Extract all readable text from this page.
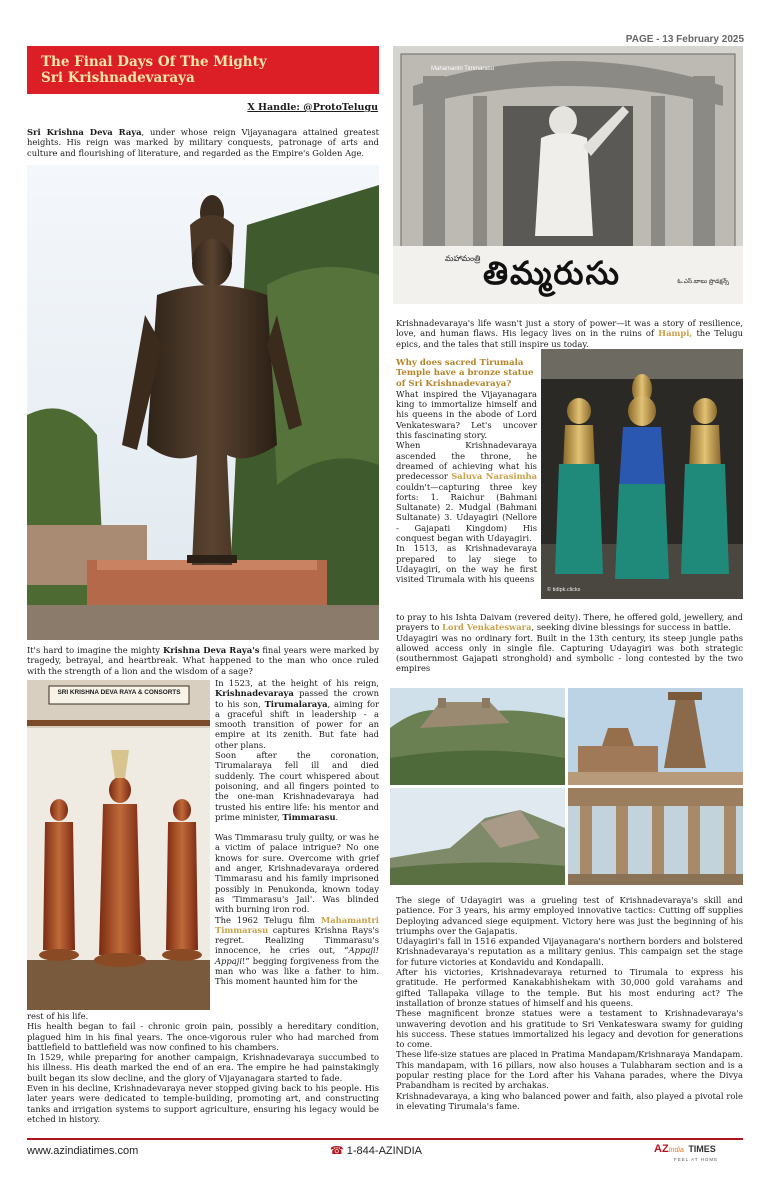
PAGE - 13 February 2025
The Final Days Of The Mighty
Sri Krishnadevaraya
X Handle: @ProtoTelugu

Sri Krishna Deva Raya, under whose reign Vijayanagara attained greatest heights. His reign was marked by military conquests, patronage of arts and culture and flourishing of literature, and regarded as the Empire's Golden Age.

It's hard to imagine the mighty Krishna Deva Raya's final years were marked by tragedy, betrayal, and heartbreak. What happened to the man who once ruled with the strength of a lion and the wisdom of a sage?

SRI KRISHNA DEVA RAYA & CONSORTS

In 1523, at the height of his reign, Krishnadevaraya passed the crown to his son, Tirumalaraya, aiming for a graceful shift in leadership - a smooth transition of power for an empire at its zenith. But fate had other plans.

Soon after the coronation, Tirumalaraya fell ill and died suddenly. The court whispered about poisoning, and all fingers pointed to the one-man Krishnadevaraya had trusted his entire life: his mentor and prime minister, Timmarasu.

Was Timmarasu truly guilty, or was he a victim of palace intrigue? No one knows for sure. Overcome with grief and anger, Krishnadevaraya ordered Timmarasu and his family imprisoned possibly in Penukonda, known today as 'Timmarasu's Jail'. Was blinded with burning iron rod.

The 1962 Telugu film Mahamantri Timmarasu captures Krishna Rays's regret. Realizing Timmarasu's innocence, he cries out, “Appaji! Appaji!” begging forgiveness from the man who was like a father to him. This moment haunted him for the

rest of his life.

His health began to fail - chronic groin pain, possibly a hereditary condition, plagued him in his final years. The once-vigorous ruler who had marched from battlefield to battlefield was now confined to his chambers.

In 1529, while preparing for another campaign, Krishnadevaraya succumbed to his illness. His death marked the end of an era. The empire he had painstakingly built began its slow decline, and the glory of Vijayanagara started to fade.

Even in his decline, Krishnadevaraya never stopped giving back to his people. His later years were dedicated to temple-building, promoting art, and constructing tanks and irrigation systems to support agriculture, ensuring his legacy would be etched in history.

Mahamantri Timmarasu
మహామంత్రి
ఓ.ఎస్.బాబు ప్రొడక్షన్స్
తిమ్మరుసు

Krishnadevaraya's life wasn't just a story of power—it was a story of resilience, love, and human flaws. His legacy lives on in the ruins of Hampi, the Telugu epics, and the tales that still inspire us today.

Why does sacred Tirumala Temple have a bronze statue of Sri Krishnadevaraya?

What inspired the Vijayanagara king to immortalize himself and his queens in the abode of Lord Venkateswara? Let's uncover this fascinating story.

When Krishnadevaraya ascended the throne, he dreamed of achieving what his predecessor Saluva Narasimha couldn't—capturing three key forts: 1. Raichur (Bahmani Sultanate) 2. Mudgal (Bahmani Sultanate) 3. Udayagiri (Nellore - Gajapati Kingdom) His conquest began with Udayagiri.

In 1513, as Krishnadevaraya prepared to lay siege to Udayagiri, on the way he first visited Tirumala with his queens

© tidipk.clicks

to pray to his Ishta Daivam (revered deity). There, he offered gold, jewellery, and prayers to Lord Venkateswara, seeking divine blessings for success in battle.

Udayagiri was no ordinary fort. Built in the 13th century, its steep jungle paths allowed access only in single file. Capturing Udayagiri was both strategic (southernmost Gajapati stronghold) and symbolic - long contested by the two empires

The siege of Udayagiri was a grueling test of Krishnadevaraya's skill and patience. For 3 years, his army employed innovative tactics: Cutting off supplies Deploying advanced siege equipment. Victory here was just the beginning of his triumphs over the Gajapatis.

Udayagiri's fall in 1516 expanded Vijayanagara's northern borders and bolstered Krishnadevaraya's reputation as a military genius. This campaign set the stage for future victories at Kondavidu and Kondapalli.

After his victories, Krishnadevaraya returned to Tirumala to express his gratitude. He performed Kanakabhishekam with 30,000 gold varahams and gifted Tallapaka village to the temple. But his most enduring act? The installation of bronze statues of himself and his queens.

These magnificent bronze statues were a testament to Krishnadevaraya's unwavering devotion and his gratitude to Sri Venkateswara swamy for guiding his success. These statues immortalized his legacy and devotion for generations to come.

These life-size statues are placed in Pratima Mandapam/Krishnaraya Mandapam. This mandapam, with 16 pillars, now also houses a Tulabharam section and is a popular resting place for the Lord after his Vahana parades, where the Divya Prabandham is recited by archakas.

Krishnadevaraya, a king who balanced power and faith, also played a pivotal role in elevating Tirumala's fame.

www.azindiatimes.com	☎ 1-844-AZINDIA	AZIndia TIMES
FEEL AT HOME
